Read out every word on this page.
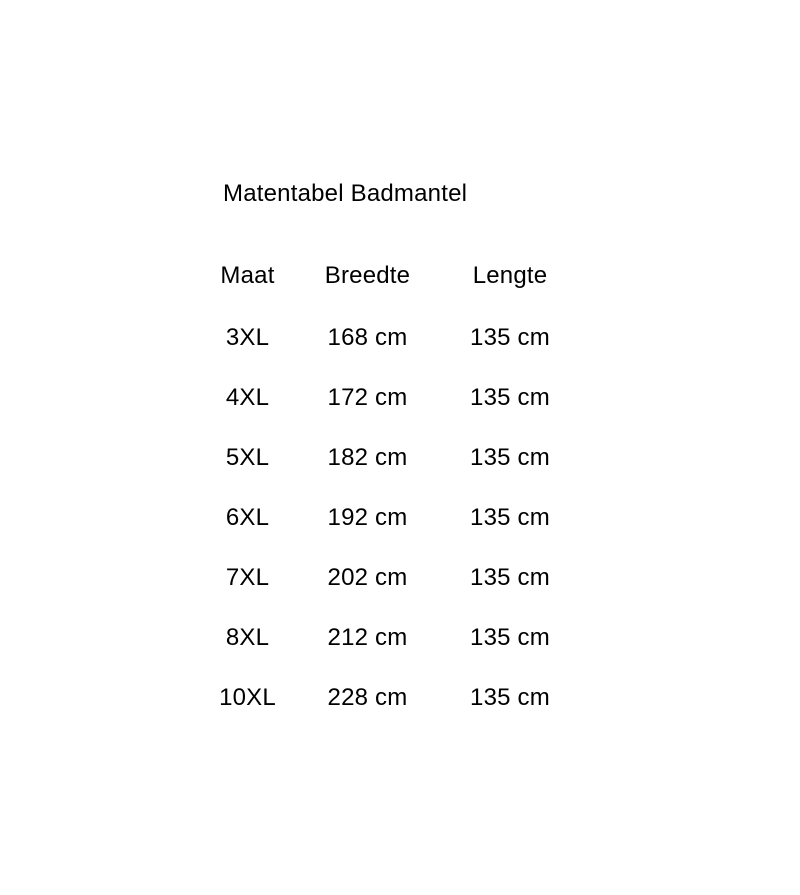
Matentabel Badmantel
Maat	Breedte	Lengte
3XL	168 cm	135 cm
4XL	172 cm	135 cm
5XL	182 cm	135 cm
6XL	192 cm	135 cm
7XL	202 cm	135 cm
8XL	212 cm	135 cm
10XL	228 cm	135 cm
